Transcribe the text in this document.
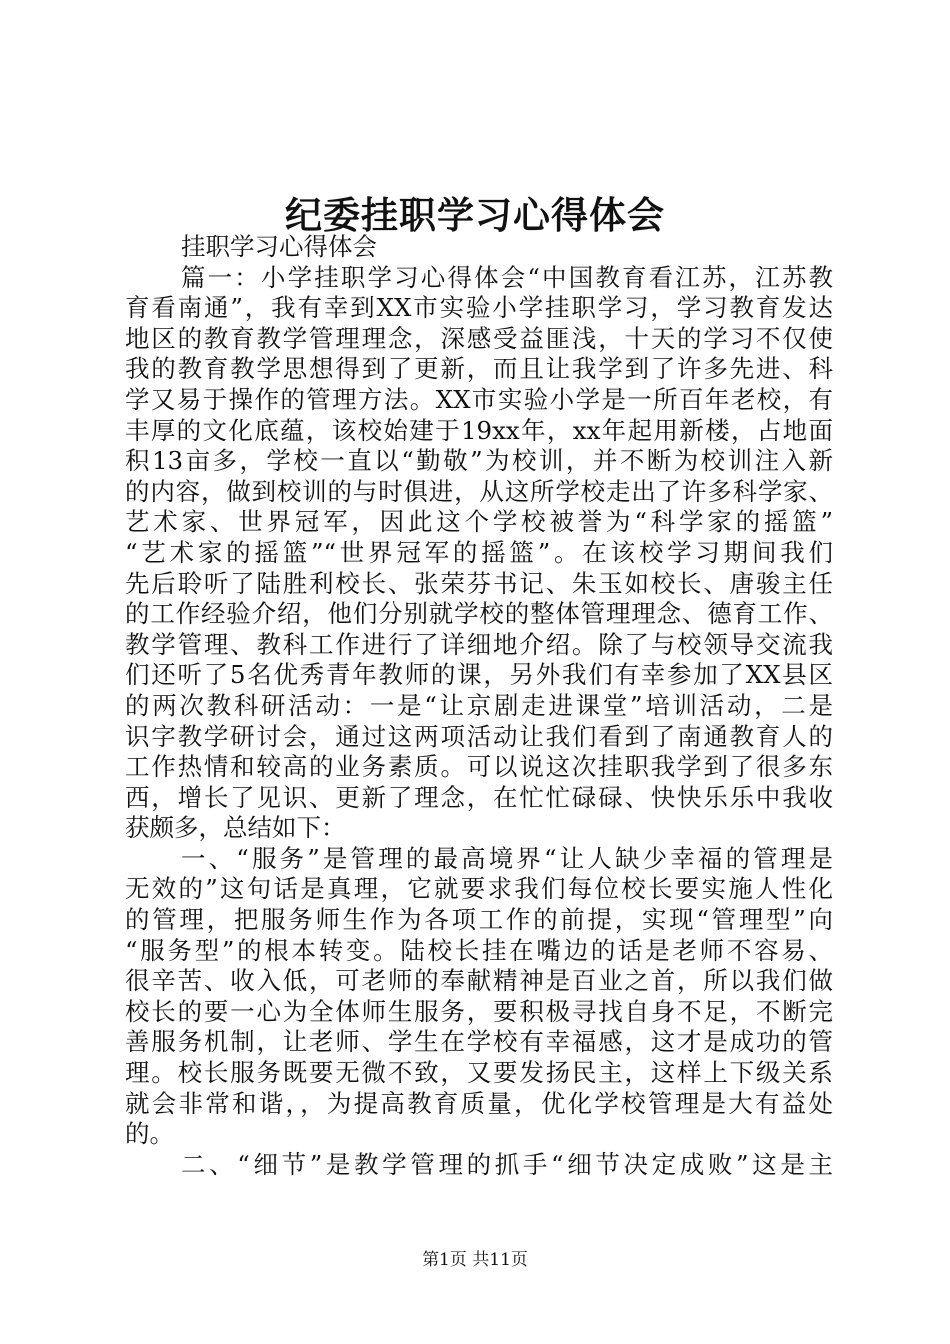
纪委挂职学习心得体会
挂职学习心得体会
篇一：小学挂职学习心得体会“中国教育看江苏，江苏教
育看南通”，我有幸到XX市实验小学挂职学习，学习教育发达
地区的教育教学管理理念，深感受益匪浅，十天的学习不仅使
我的教育教学思想得到了更新，而且让我学到了许多先进、科
学又易于操作的管理方法。XX市实验小学是一所百年老校，有
丰厚的文化底蕴，该校始建于19xx年，xx年起用新楼，占地面
积13亩多，学校一直以“勤敬”为校训，并不断为校训注入新
的内容，做到校训的与时俱进，从这所学校走出了许多科学家、
艺术家、世界冠军，因此这个学校被誉为“科学家的摇篮”
“艺术家的摇篮”“世界冠军的摇篮”。在该校学习期间我们
先后聆听了陆胜利校长、张荣芬书记、朱玉如校长、唐骏主任
的工作经验介绍，他们分别就学校的整体管理理念、德育工作、
教学管理、教科工作进行了详细地介绍。除了与校领导交流我
们还听了5名优秀青年教师的课，另外我们有幸参加了XX县区
的两次教科研活动：一是“让京剧走进课堂”培训活动，二是
识字教学研讨会，通过这两项活动让我们看到了南通教育人的
工作热情和较高的业务素质。可以说这次挂职我学到了很多东
西，增长了见识、更新了理念，在忙忙碌碌、快快乐乐中我收
获颇多，总结如下：
一、“服务”是管理的最高境界“让人缺少幸福的管理是
无效的”这句话是真理，它就要求我们每位校长要实施人性化
的管理，把服务师生作为各项工作的前提，实现“管理型”向
“服务型”的根本转变。陆校长挂在嘴边的话是老师不容易、
很辛苦、收入低，可老师的奉献精神是百业之首，所以我们做
校长的要一心为全体师生服务，要积极寻找自身不足，不断完
善服务机制，让老师、学生在学校有幸福感，这才是成功的管
理。校长服务既要无微不致，又要发扬民主，这样上下级关系
就会非常和谐，，为提高教育质量，优化学校管理是大有益处
的。
二、“细节”是教学管理的抓手“细节决定成败”这是主
第1页 共11页
